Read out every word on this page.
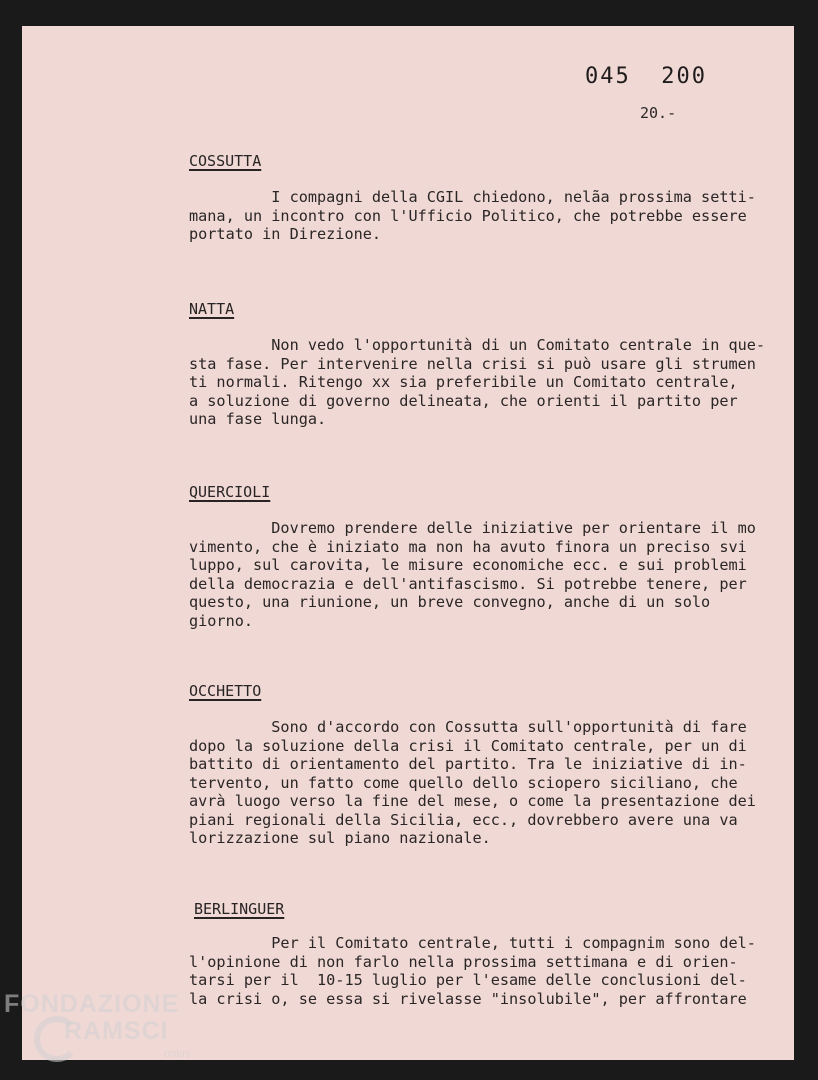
045  200
20.-
COSSUTTA
I compagni della CGIL chiedono, nelãa prossima setti-
mana, un incontro con l'Ufficio Politico, che potrebbe essere
portato in Direzione.
NATTA
Non vedo l'opportunità di un Comitato centrale in que-
sta fase. Per intervenire nella crisi si può usare gli strumen
ti normali. Ritengo xx sia preferibile un Comitato centrale,
a soluzione di governo delineata, che orienti il partito per
una fase lunga.
QUERCIOLI
Dovremo prendere delle iniziative per orientare il mo
vimento, che è iniziato ma non ha avuto finora un preciso svi
luppo, sul carovita, le misure economiche ecc. e sui problemi
della democrazia e dell'antifascismo. Si potrebbe tenere, per
questo, una riunione, un breve convegno, anche di un solo
giorno.
OCCHETTO
Sono d'accordo con Cossutta sull'opportunità di fare
dopo la soluzione della crisi il Comitato centrale, per un di
battito di orientamento del partito. Tra le iniziative di in-
tervento, un fatto come quello dello sciopero siciliano, che
avrà luogo verso la fine del mese, o come la presentazione dei
piani regionali della Sicilia, ecc., dovrebbero avere una va
lorizzazione sul piano nazionale.
BERLINGUER
Per il Comitato centrale, tutti i compagnim sono del-
l'opinione di non farlo nella prossima settimana e di orien-
tarsi per il  10-15 luglio per l'esame delle conclusioni del-
la crisi o, se essa si rivelasse "insolubile", per affrontare
FONDAZIONE
RAMSCI
onlus
